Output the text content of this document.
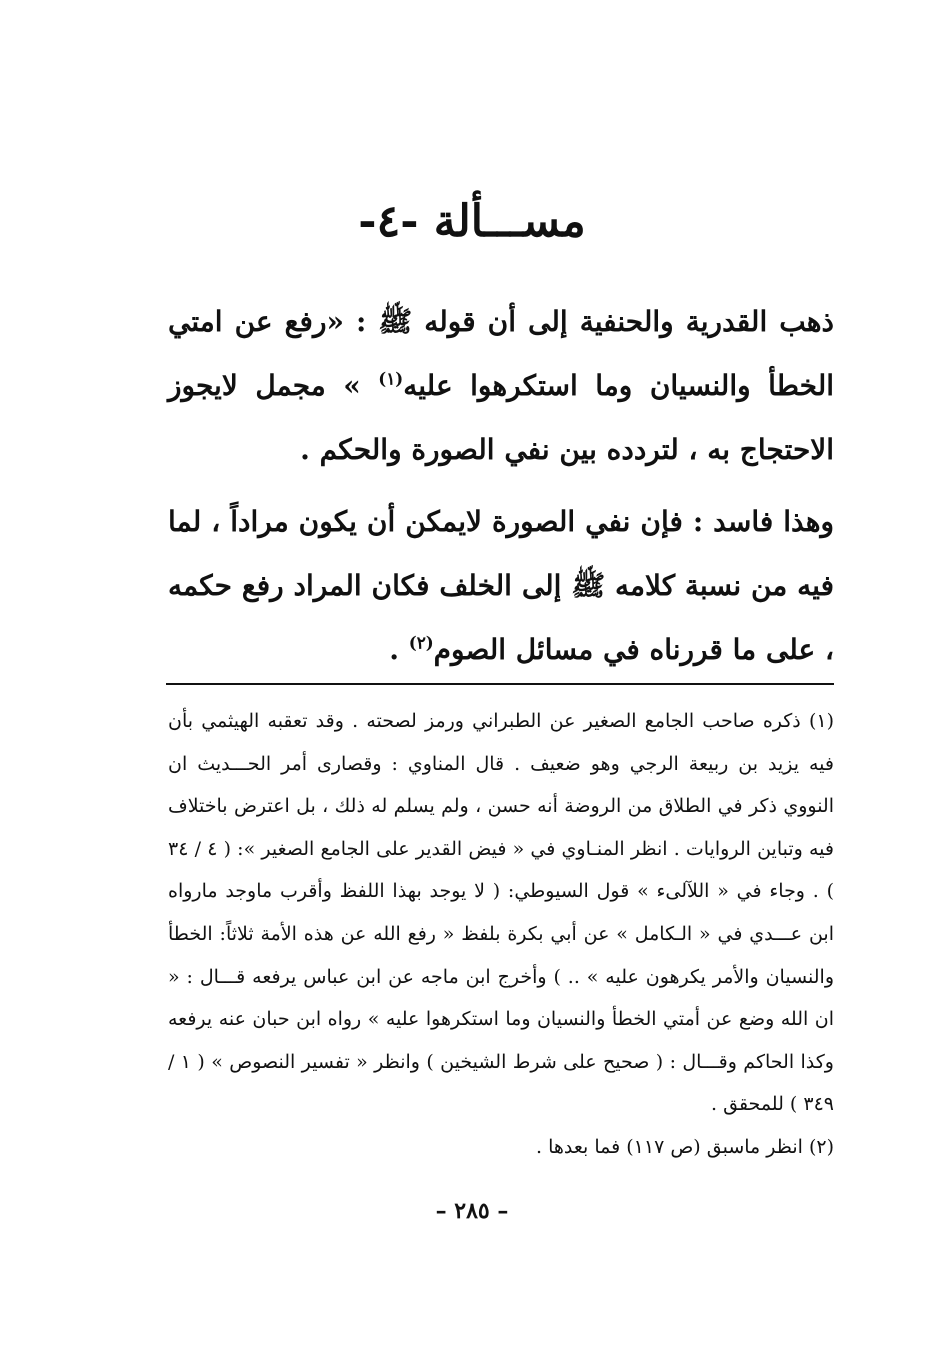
مســـألة -٤-

ذهب القدرية والحنفية إلى أن قوله ﷺ : «رفع عن امتي الخطأ والنسيان وما استكرهوا عليه$^{(١)}$ » مجمل لايجوز الاحتجاج به ، لتردده بين نفي الصورة والحكم .

وهذا فاسد : فإن نفي الصورة لايمكن أن يكون مراداً ، لما فيه من نسبة كلامه ﷺ إلى الخلف فكان المراد رفع حكمه ، على ما قررناه في مسائل الصوم$^{(٢)}$ .

(١) ذكره صاحب الجامع الصغير عن الطبراني ورمز لصحته . وقد تعقبه الهيثمي بأن فيه يزيد بن ربيعة الرجي وهو ضعيف . قال المناوي : وقصارى أمر الحـــديث ان النووي ذكر في الطلاق من الروضة أنه حسن ، ولم يسلم له ذلك ، بل اعترض باختلاف فيه وتباين الروايات . انظر المنـاوي في « فيض القدير على الجامع الصغير »: ( ٤ / ٣٤ ) . وجاء في « اللآلىء » قول السيوطي: ( لا يوجد بهذا اللفظ وأقرب ماوجد مارواه ابن عـــدي في « الـكامل » عن أبي بكرة بلفظ « رفع الله عن هذه الأمة ثلاثاً: الخطأ والنسيان والأمر يكرهون عليه » .. ) وأخرج ابن ماجه عن ابن عباس يرفعه قـــال : « ان الله وضع عن أمتي الخطأ والنسيان وما استكرهوا عليه » رواه ابن حبان عنه يرفعه وكذا الحاكم وقـــال : ( صحيح على شرط الشيخين ) وانظر « تفسير النصوص » ( ١ / ٣٤٩ ) للمحقق .

(٢) انظر ماسبق (ص ١١٧) فما بعدها .

– ٢٨٥ –
